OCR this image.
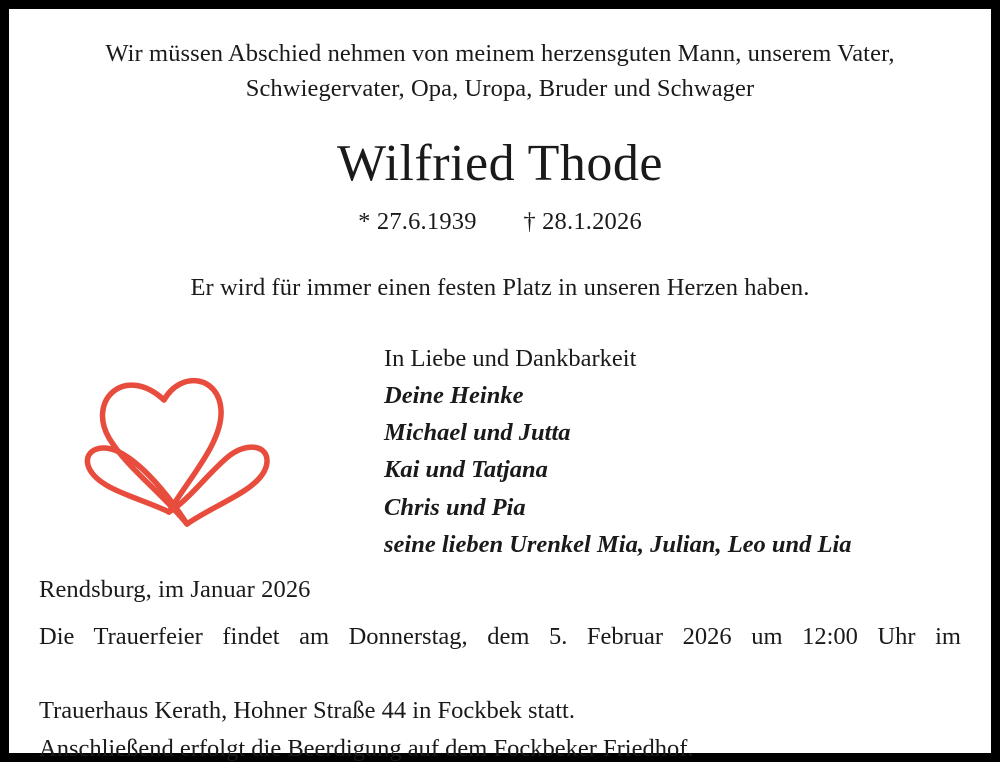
Wir müssen Abschied nehmen von meinem herzensguten Mann, unserem Vater,
Schwiegervater, Opa, Uropa, Bruder und Schwager
Wilfried Thode
* 27.6.1939 † 28.1.2026
Er wird für immer einen festen Platz in unseren Herzen haben.
In Liebe und Dankbarkeit
Deine Heinke
Michael und Jutta
Kai und Tatjana
Chris und Pia
seine lieben Urenkel Mia, Julian, Leo und Lia
Rendsburg, im Januar 2026
Die Trauerfeier findet am Donnerstag, dem 5. Februar 2026 um 12:00 Uhr im
Trauerhaus Kerath, Hohner Straße 44 in Fockbek statt.
Anschließend erfolgt die Beerdigung auf dem Fockbeker Friedhof.
